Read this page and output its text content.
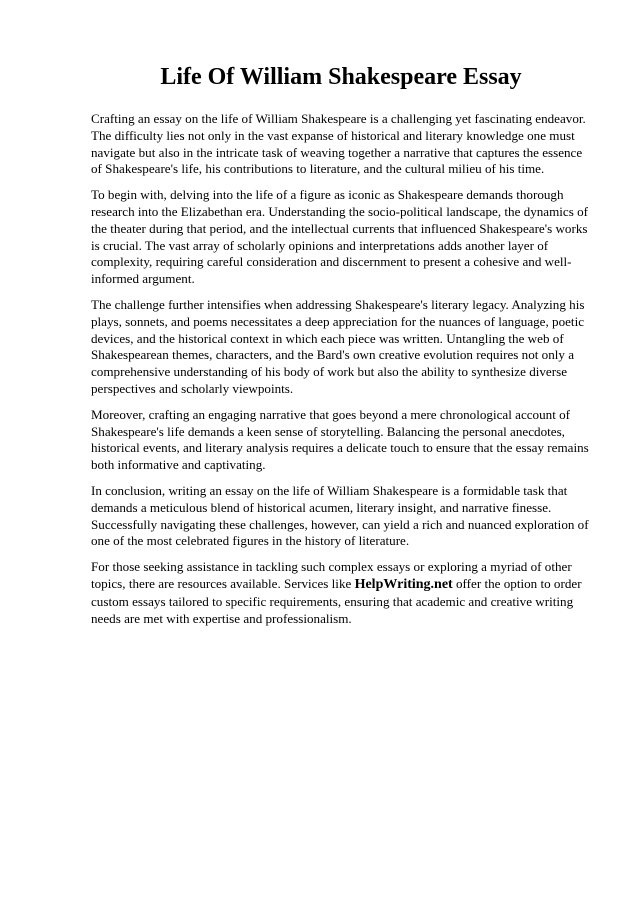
Life Of William Shakespeare Essay

Crafting an essay on the life of William Shakespeare is a challenging yet fascinating endeavor. The difficulty lies not only in the vast expanse of historical and literary knowledge one must navigate but also in the intricate task of weaving together a narrative that captures the essence of Shakespeare's life, his contributions to literature, and the cultural milieu of his time.

To begin with, delving into the life of a figure as iconic as Shakespeare demands thorough research into the Elizabethan era. Understanding the socio-political landscape, the dynamics of the theater during that period, and the intellectual currents that influenced Shakespeare's works is crucial. The vast array of scholarly opinions and interpretations adds another layer of complexity, requiring careful consideration and discernment to present a cohesive and well-informed argument.

The challenge further intensifies when addressing Shakespeare's literary legacy. Analyzing his plays, sonnets, and poems necessitates a deep appreciation for the nuances of language, poetic devices, and the historical context in which each piece was written. Untangling the web of Shakespearean themes, characters, and the Bard's own creative evolution requires not only a comprehensive understanding of his body of work but also the ability to synthesize diverse perspectives and scholarly viewpoints.

Moreover, crafting an engaging narrative that goes beyond a mere chronological account of Shakespeare's life demands a keen sense of storytelling. Balancing the personal anecdotes, historical events, and literary analysis requires a delicate touch to ensure that the essay remains both informative and captivating.

In conclusion, writing an essay on the life of William Shakespeare is a formidable task that demands a meticulous blend of historical acumen, literary insight, and narrative finesse. Successfully navigating these challenges, however, can yield a rich and nuanced exploration of one of the most celebrated figures in the history of literature.

For those seeking assistance in tackling such complex essays or exploring a myriad of other topics, there are resources available. Services like HelpWriting.net offer the option to order custom essays tailored to specific requirements, ensuring that academic and creative writing needs are met with expertise and professionalism.
